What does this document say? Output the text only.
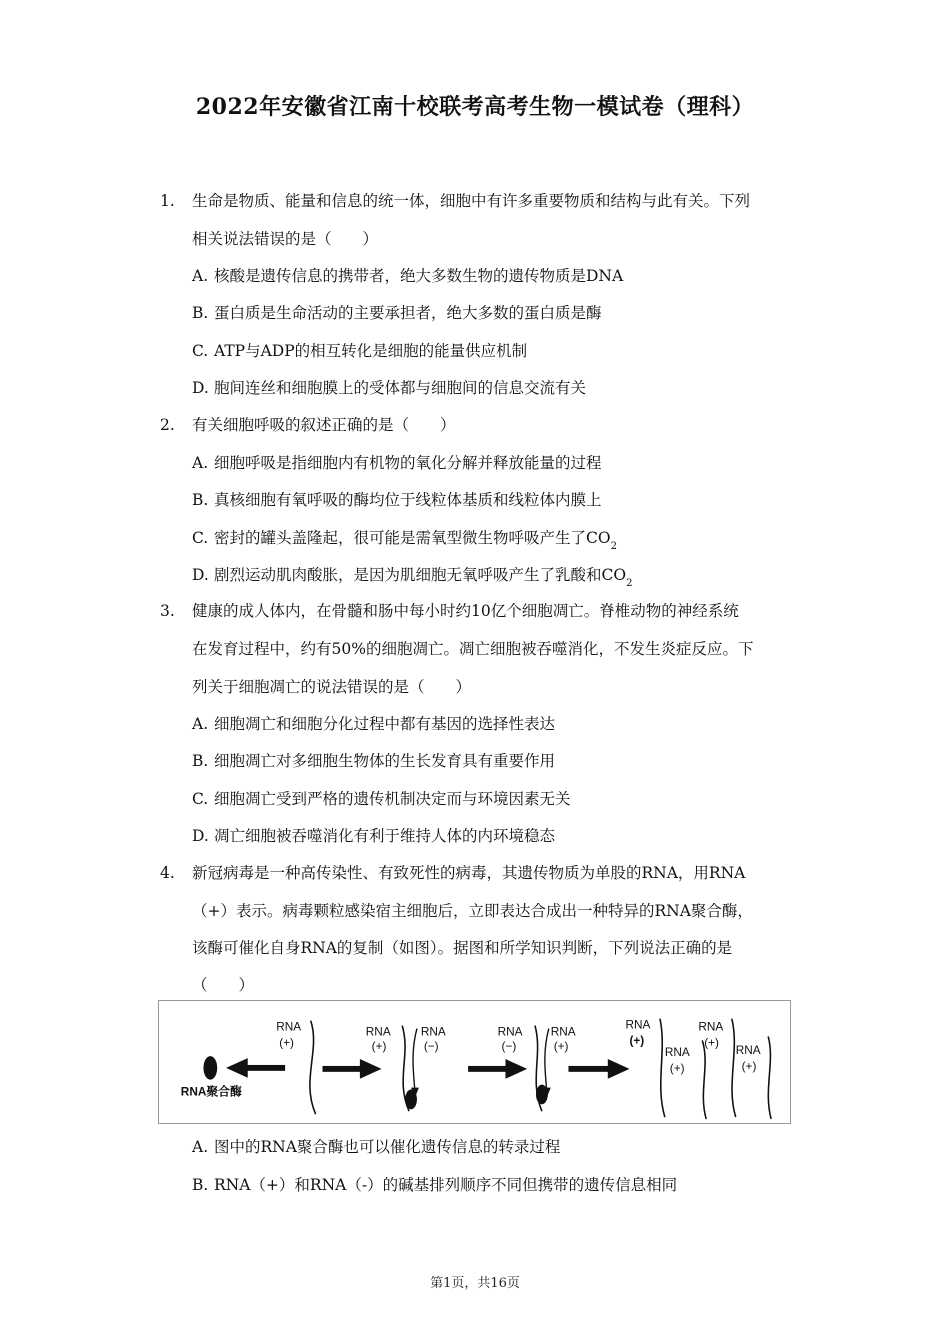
2022年安徽省江南十校联考高考生物一模试卷（理科）
1. 生命是物质、能量和信息的统一体，细胞中有许多重要物质和结构与此有关。下列
相关说法错误的是（　　）
A. 核酸是遗传信息的携带者，绝大多数生物的遗传物质是DNA
B. 蛋白质是生命活动的主要承担者，绝大多数的蛋白质是酶
C. ATP与ADP的相互转化是细胞的能量供应机制
D. 胞间连丝和细胞膜上的受体都与细胞间的信息交流有关
2. 有关细胞呼吸的叙述正确的是（　　）
A. 细胞呼吸是指细胞内有机物的氧化分解并释放能量的过程
B. 真核细胞有氧呼吸的酶均位于线粒体基质和线粒体内膜上
C. 密封的罐头盖隆起，很可能是需氧型微生物呼吸产生了$CO_2$
D. 剧烈运动肌肉酸胀，是因为肌细胞无氧呼吸产生了乳酸和$CO_2$
3. 健康的成人体内，在骨髓和肠中每小时约10亿个细胞凋亡。脊椎动物的神经系统
在发育过程中，约有50%的细胞凋亡。凋亡细胞被吞噬消化，不发生炎症反应。下
列关于细胞凋亡的说法错误的是（　　）
A. 细胞凋亡和细胞分化过程中都有基因的选择性表达
B. 细胞凋亡对多细胞生物体的生长发育具有重要作用
C. 细胞凋亡受到严格的遗传机制决定而与环境因素无关
D. 凋亡细胞被吞噬消化有利于维持人体的内环境稳态
4. 新冠病毒是一种高传染性、有致死性的病毒，其遗传物质为单股的RNA，用RNA
（+）表示。病毒颗粒感染宿主细胞后，立即表达合成出一种特异的RNA聚合酶，
该酶可催化自身RNA的复制（如图）。据图和所学知识判断，下列说法正确的是
（　　）
RNA聚合酶
RNA
(+)
RNA
(+)
RNA
(−)
RNA
(−)
RNA
(+)
RNA
(+)
RNA
(+)
RNA
(+)
RNA
(+)
A. 图中的RNA聚合酶也可以催化遗传信息的转录过程
B. RNA（+）和RNA（-）的碱基排列顺序不同但携带的遗传信息相同
第1页，共16页
